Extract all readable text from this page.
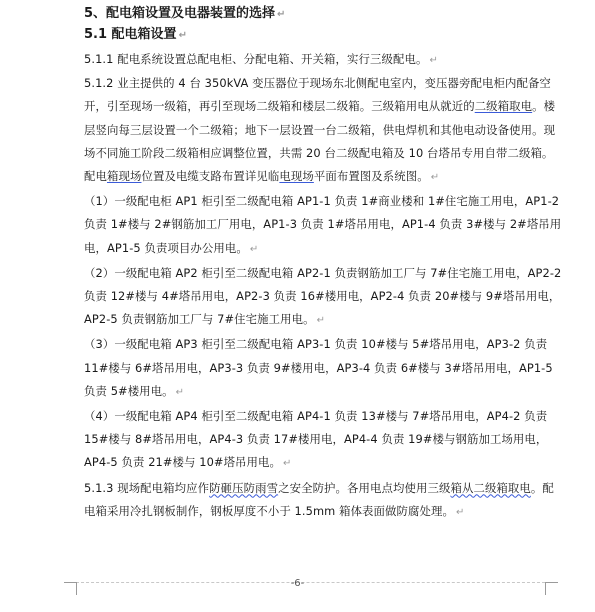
5、配电箱设置及电器装置的选择 ↵
5.1 配电箱设置 ↵
5.1.1 配电系统设置总配电柜、分配电箱、开关箱，实行三级配电。 ↵
5.1.2 业主提供的 4 台 350kVA 变压器位于现场东北侧配电室内，变压器旁配电柜内配备空开，引至现场一级箱，再引至现场二级箱和楼层二级箱。三级箱用电从就近的二级箱取电。楼层竖向每三层设置一个二级箱；地下一层设置一台二级箱，供电焊机和其他电动设备使用。现场不同施工阶段二级箱相应调整位置，共需 20 台二级配电箱及 10 台塔吊专用自带二级箱。配电箱现场位置及电缆支路布置详见临电现场平面布置图及系统图。 ↵
（1）一级配电柜 AP1 柜引至二级配电箱 AP1-1 负责 1#商业楼和 1#住宅施工用电，AP1-2 负责 1#楼与 2#钢筋加工厂用电，AP1-3 负责 1#塔吊用电，AP1-4 负责 3#楼与 2#塔吊用电，AP1-5 负责项目办公用电。 ↵
（2）一级配电箱 AP2 柜引至二级配电箱 AP2-1 负责钢筋加工厂与 7#住宅施工用电，AP2-2 负责 12#楼与 4#塔吊用电，AP2-3 负责 16#楼用电，AP2-4 负责 20#楼与 9#塔吊用电，AP2-5 负责钢筋加工厂与 7#住宅施工用电。 ↵
（3）一级配电箱 AP3 柜引至二级配电箱 AP3-1 负责 10#楼与 5#塔吊用电，AP3-2 负责 11#楼与 6#塔吊用电，AP3-3 负责 9#楼用电，AP3-4 负责 6#楼与 3#塔吊用电，AP1-5 负责 5#楼用电。 ↵
（4）一级配电箱 AP4 柜引至二级配电箱 AP4-1 负责 13#楼与 7#塔吊用电，AP4-2 负责 15#楼与 8#塔吊用电，AP4-3 负责 17#楼用电，AP4-4 负责 19#楼与钢筋加工场用电，AP4-5 负责 21#楼与 10#塔吊用电。 ↵
5.1.3 现场配电箱均应作防砸压防雨雪之安全防护。各用电点均使用三级箱从二级箱取电。配电箱采用冷扎钢板制作，钢板厚度不小于 1.5mm 箱体表面做防腐处理。 ↵
-6-
